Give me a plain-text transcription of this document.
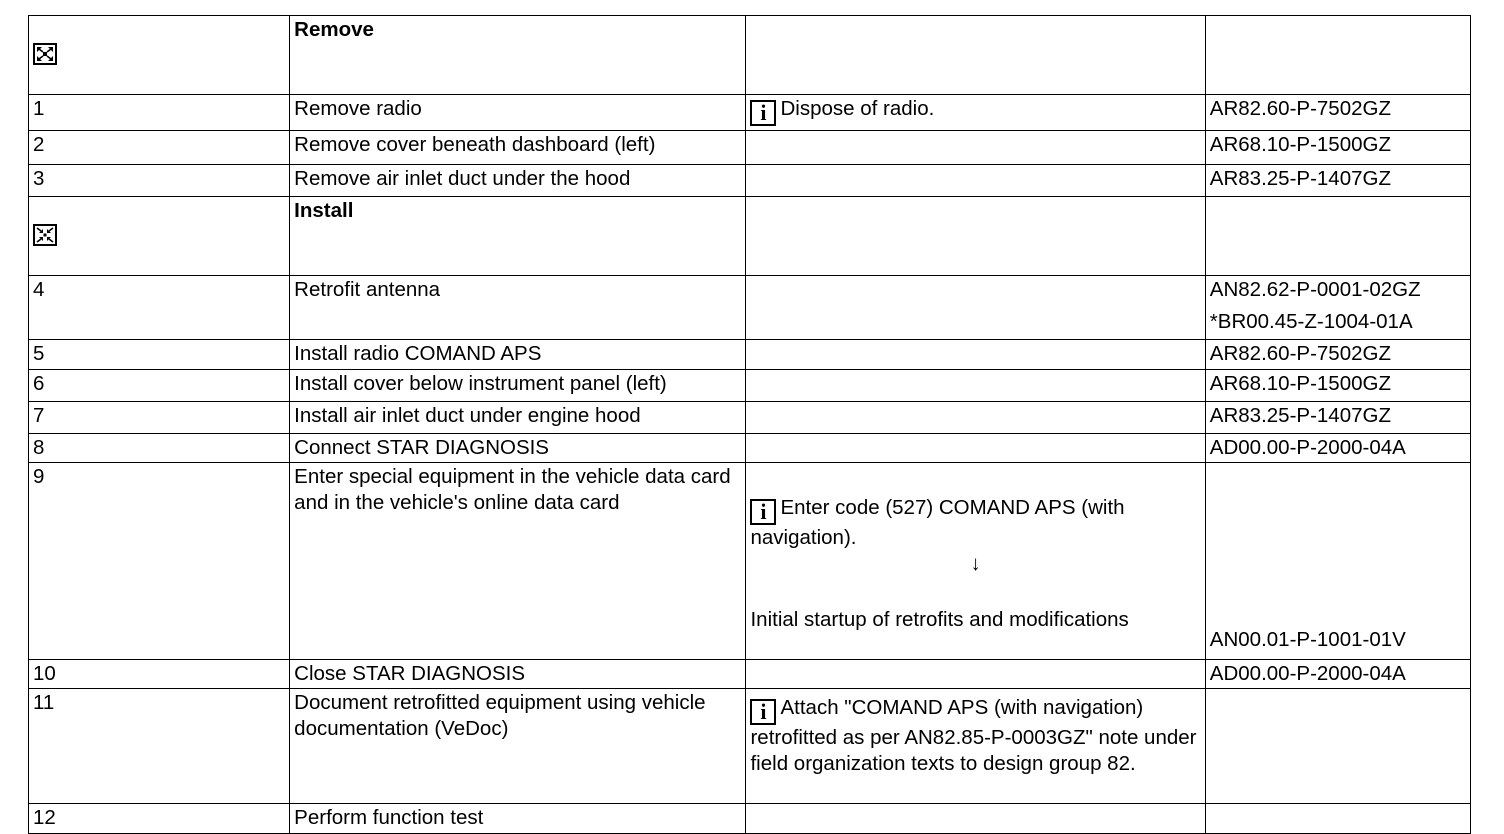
	Remove		
1	Remove radio	i Dispose of radio.	AR82.60-P-7502GZ
2	Remove cover beneath dashboard (left)		AR68.10-P-1500GZ
3	Remove air inlet duct under the hood		AR83.25-P-1407GZ

	Install		
4	Retrofit antenna		AN82.62-P-0001-02GZ
*BR00.45-Z-1004-01A

5	Install radio COMAND APS		AR82.60-P-7502GZ
6	Install cover below instrument panel (left)		AR68.10-P-1500GZ
7	Install air inlet duct under engine hood		AR83.25-P-1407GZ
8	Connect STAR DIAGNOSIS		AD00.00-P-2000-04A
9	Enter special equipment in the vehicle data card and in the vehicle's online data card	i Enter code (527) COMAND APS (with navigation).

↓

Initial startup of retrofits and modifications	AN00.01-P-1001-01V
10	Close STAR DIAGNOSIS		AD00.00-P-2000-04A
11	Document retrofitted equipment using vehicle documentation (VeDoc)	i Attach "COMAND APS (with navigation) retrofitted as per AN82.85-P-0003GZ" note under field organization texts to design group 82.	
12	Perform function test		
